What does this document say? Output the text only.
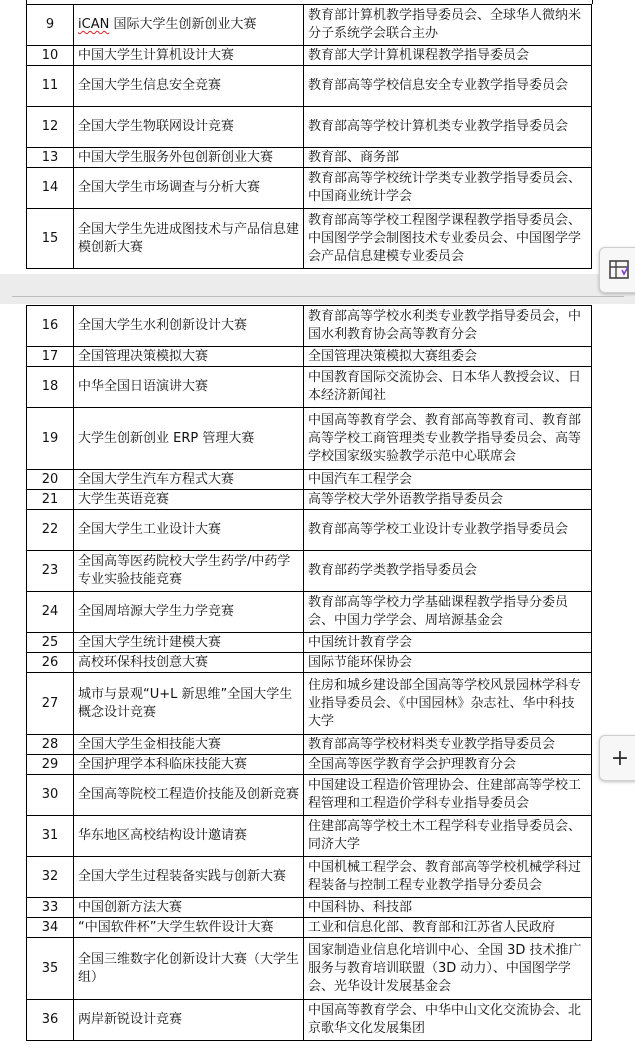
9	iCAN 国际大学生创新创业大赛	教育部计算机教学指导委员会、全球华人微纳米分子系统学会联合主办
10	中国大学生计算机设计大赛	教育部大学计算机课程教学指导委员会
11	全国大学生信息安全竞赛	教育部高等学校信息安全专业教学指导委员会
12	全国大学生物联网设计竞赛	教育部高等学校计算机类专业教学指导委员会
13	中国大学生服务外包创新创业大赛	教育部、商务部
14	全国大学生市场调查与分析大赛	教育部高等学校统计学类专业教学指导委员会、中国商业统计学会
15	全国大学生先进成图技术与产品信息建模创新大赛	教育部高等学校工程图学课程教学指导委员会、中国图学学会制图技术专业委员会、中国图学学会产品信息建模专业委员会
16	全国大学生水利创新设计大赛	教育部高等学校水利类专业教学指导委员会，中国水利教育协会高等教育分会
17	全国管理决策模拟大赛	全国管理决策模拟大赛组委会
18	中华全国日语演讲大赛	中国教育国际交流协会、日本华人教授会议、日本经济新闻社
19	大学生创新创业 ERP 管理大赛	中国高等教育学会、教育部高等教育司、教育部高等学校工商管理类专业教学指导委员会、高等学校国家级实验教学示范中心联席会
20	全国大学生汽车方程式大赛	中国汽车工程学会
21	大学生英语竞赛	高等学校大学外语教学指导委员会
22	全国大学生工业设计大赛	教育部高等学校工业设计专业教学指导委员会
23	全国高等医药院校大学生药学/中药学专业实验技能竞赛	教育部药学类教学指导委员会
24	全国周培源大学生力学竞赛	教育部高等学校力学基础课程教学指导分委员会、中国力学学会、周培源基金会
25	全国大学生统计建模大赛	中国统计教育学会
26	高校环保科技创意大赛	国际节能环保协会
27	城市与景观“U+L 新思维”全国大学生概念设计竞赛	住房和城乡建设部全国高等学校风景园林学科专业指导委员会、《中国园林》杂志社、华中科技大学
28	全国大学生金相技能大赛	教育部高等学校材料类专业教学指导委员会
29	全国护理学本科临床技能大赛	全国高等医学教育学会护理教育分会
30	全国高等院校工程造价技能及创新竞赛	中国建设工程造价管理协会、住建部高等学校工程管理和工程造价学科专业指导委员会
31	华东地区高校结构设计邀请赛	住建部高等学校土木工程学科专业指导委员会、同济大学
32	全国大学生过程装备实践与创新大赛	中国机械工程学会、教育部高等学校机械学科过程装备与控制工程专业教学指导分委员会
33	中国创新方法大赛	中国科协、科技部
34	“中国软件杯”大学生软件设计大赛	工业和信息化部、教育部和江苏省人民政府
35	全国三维数字化创新设计大赛（大学生组）	国家制造业信息化培训中心、全国 3D 技术推广服务与教育培训联盟（3D 动力）、中国图学学会、光华设计发展基金会
36	两岸新锐设计竞赛	中国高等教育学会、中华中山文化交流协会、北京歌华文化发展集团
+
